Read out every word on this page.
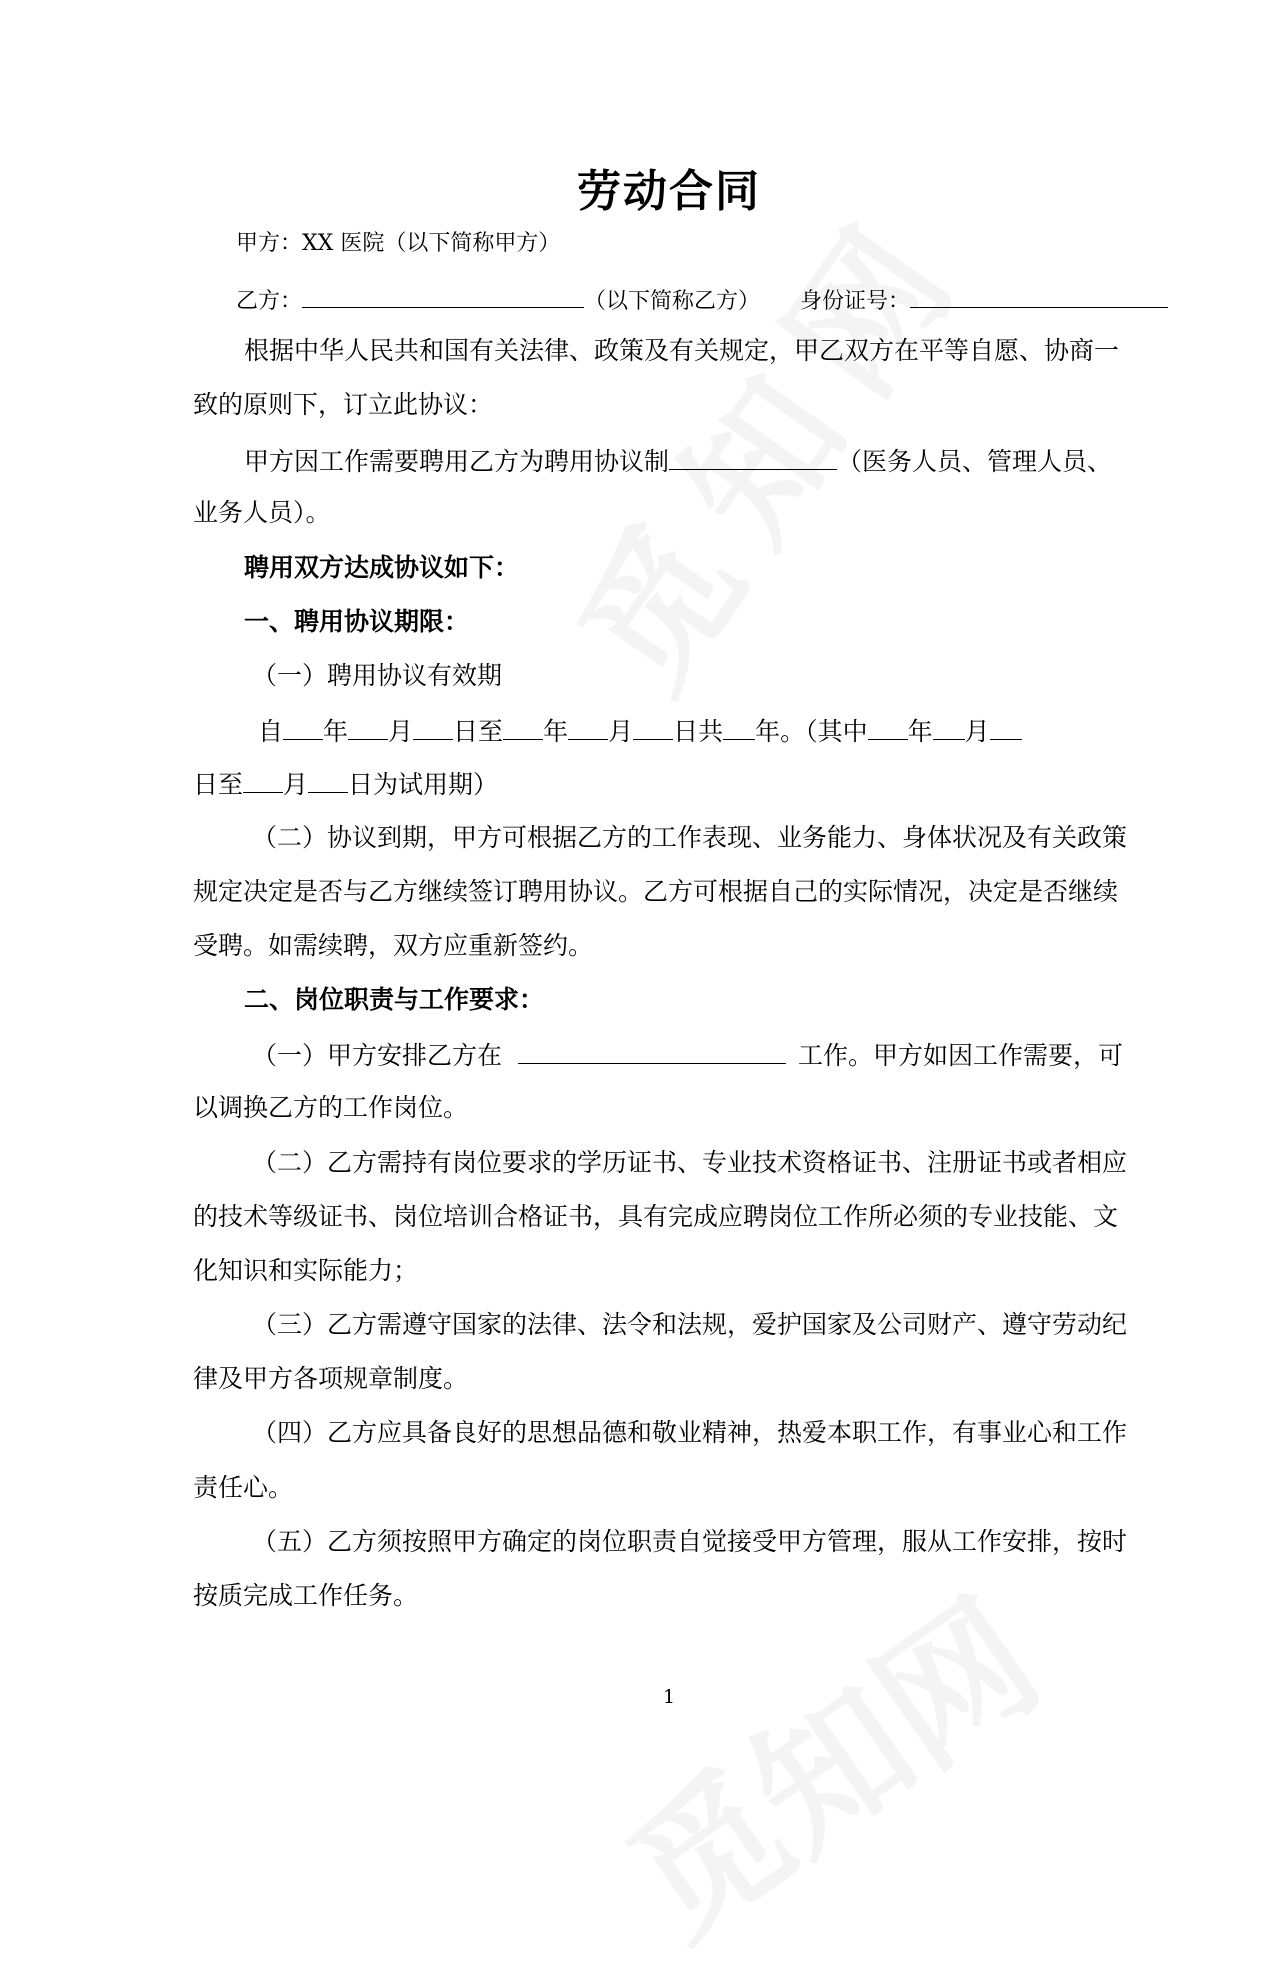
劳动合同
甲方：XX 医院（以下简称甲方）
乙方：	（以下简称乙方） 身份证号：
根据中华人民共和国有关法律、政策及有关规定，甲乙双方在平等自愿、协商一
致的原则下，订立此协议：
甲方因工作需要聘用乙方为聘用协议制	（医务人员、管理人员、
业务人员）。
聘用双方达成协议如下：
一、聘用协议期限：
（一）聘用协议有效期
自 年 月 日至 年 月 日共 年。（其中 年 月
日至 月 日为试用期）
（二）协议到期，甲方可根据乙方的工作表现、业务能力、身体状况及有关政策
规定决定是否与乙方继续签订聘用协议。乙方可根据自己的实际情况，决定是否继续
受聘。如需续聘，双方应重新签约。
二、岗位职责与工作要求：
（一）甲方安排乙方在	工作。甲方如因工作需要，可
以调换乙方的工作岗位。
（二）乙方需持有岗位要求的学历证书、专业技术资格证书、注册证书或者相应
的技术等级证书、岗位培训合格证书，具有完成应聘岗位工作所必须的专业技能、文
化知识和实际能力；
（三）乙方需遵守国家的法律、法令和法规，爱护国家及公司财产、遵守劳动纪
律及甲方各项规章制度。
（四）乙方应具备良好的思想品德和敬业精神，热爱本职工作，有事业心和工作
责任心。
（五）乙方须按照甲方确定的岗位职责自觉接受甲方管理，服从工作安排，按时
按质完成工作任务。
1
